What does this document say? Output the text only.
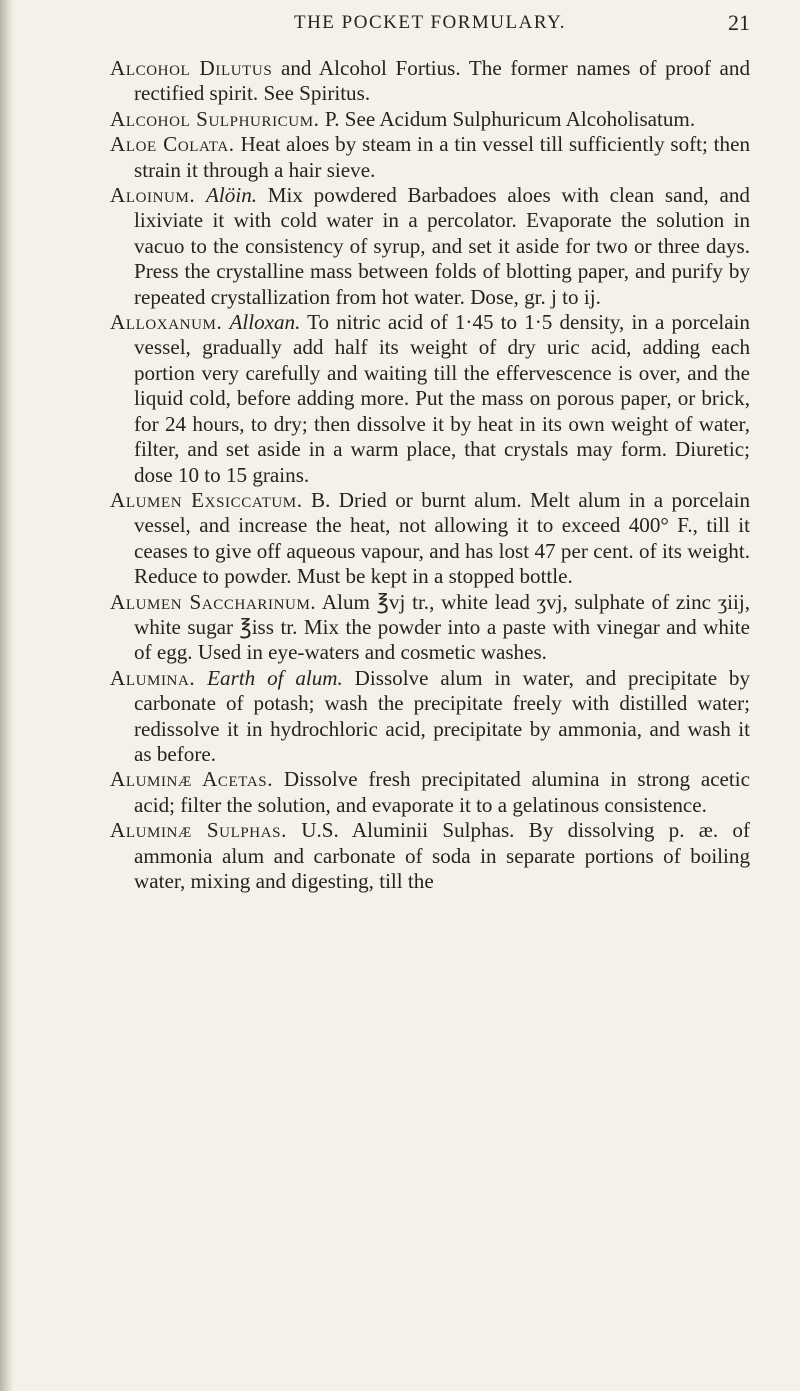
THE POCKET FORMULARY.	21

Alcohol Dilutus and Alcohol Fortius. The former names of proof and rectified spirit. See Spiritus.

Alcohol Sulphuricum. P. See Acidum Sulphuricum Alcoholisatum.

Aloe Colata. Heat aloes by steam in a tin vessel till sufficiently soft; then strain it through a hair sieve.

Aloinum. Alöin. Mix powdered Barbadoes aloes with clean sand, and lixiviate it with cold water in a percolator. Evaporate the solution in vacuo to the consistency of syrup, and set it aside for two or three days. Press the crystalline mass between folds of blotting paper, and purify by repeated crystallization from hot water. Dose, gr. j to ij.

Alloxanum. Alloxan. To nitric acid of 1·45 to 1·5 density, in a porcelain vessel, gradually add half its weight of dry uric acid, adding each portion very carefully and waiting till the effervescence is over, and the liquid cold, before adding more. Put the mass on porous paper, or brick, for 24 hours, to dry; then dissolve it by heat in its own weight of water, filter, and set aside in a warm place, that crystals may form. Diuretic; dose 10 to 15 grains.

Alumen Exsiccatum. B. Dried or burnt alum. Melt alum in a porcelain vessel, and increase the heat, not allowing it to exceed 400° F., till it ceases to give off aqueous vapour, and has lost 47 per cent. of its weight. Reduce to powder. Must be kept in a stopped bottle.

Alumen Saccharinum. Alum ℥vj tr., white lead ʒvj, sulphate of zinc ʒiij, white sugar ℥iss tr. Mix the powder into a paste with vinegar and white of egg. Used in eye-waters and cosmetic washes.

Alumina. Earth of alum. Dissolve alum in water, and precipitate by carbonate of potash; wash the precipitate freely with distilled water; redissolve it in hydrochloric acid, precipitate by ammonia, and wash it as before.

Aluminæ Acetas. Dissolve fresh precipitated alumina in strong acetic acid; filter the solution, and evaporate it to a gelatinous consistence.

Aluminæ Sulphas. U.S. Aluminii Sulphas. By dissolving p. æ. of ammonia alum and carbonate of soda in separate portions of boiling water, mixing and digesting, till the
